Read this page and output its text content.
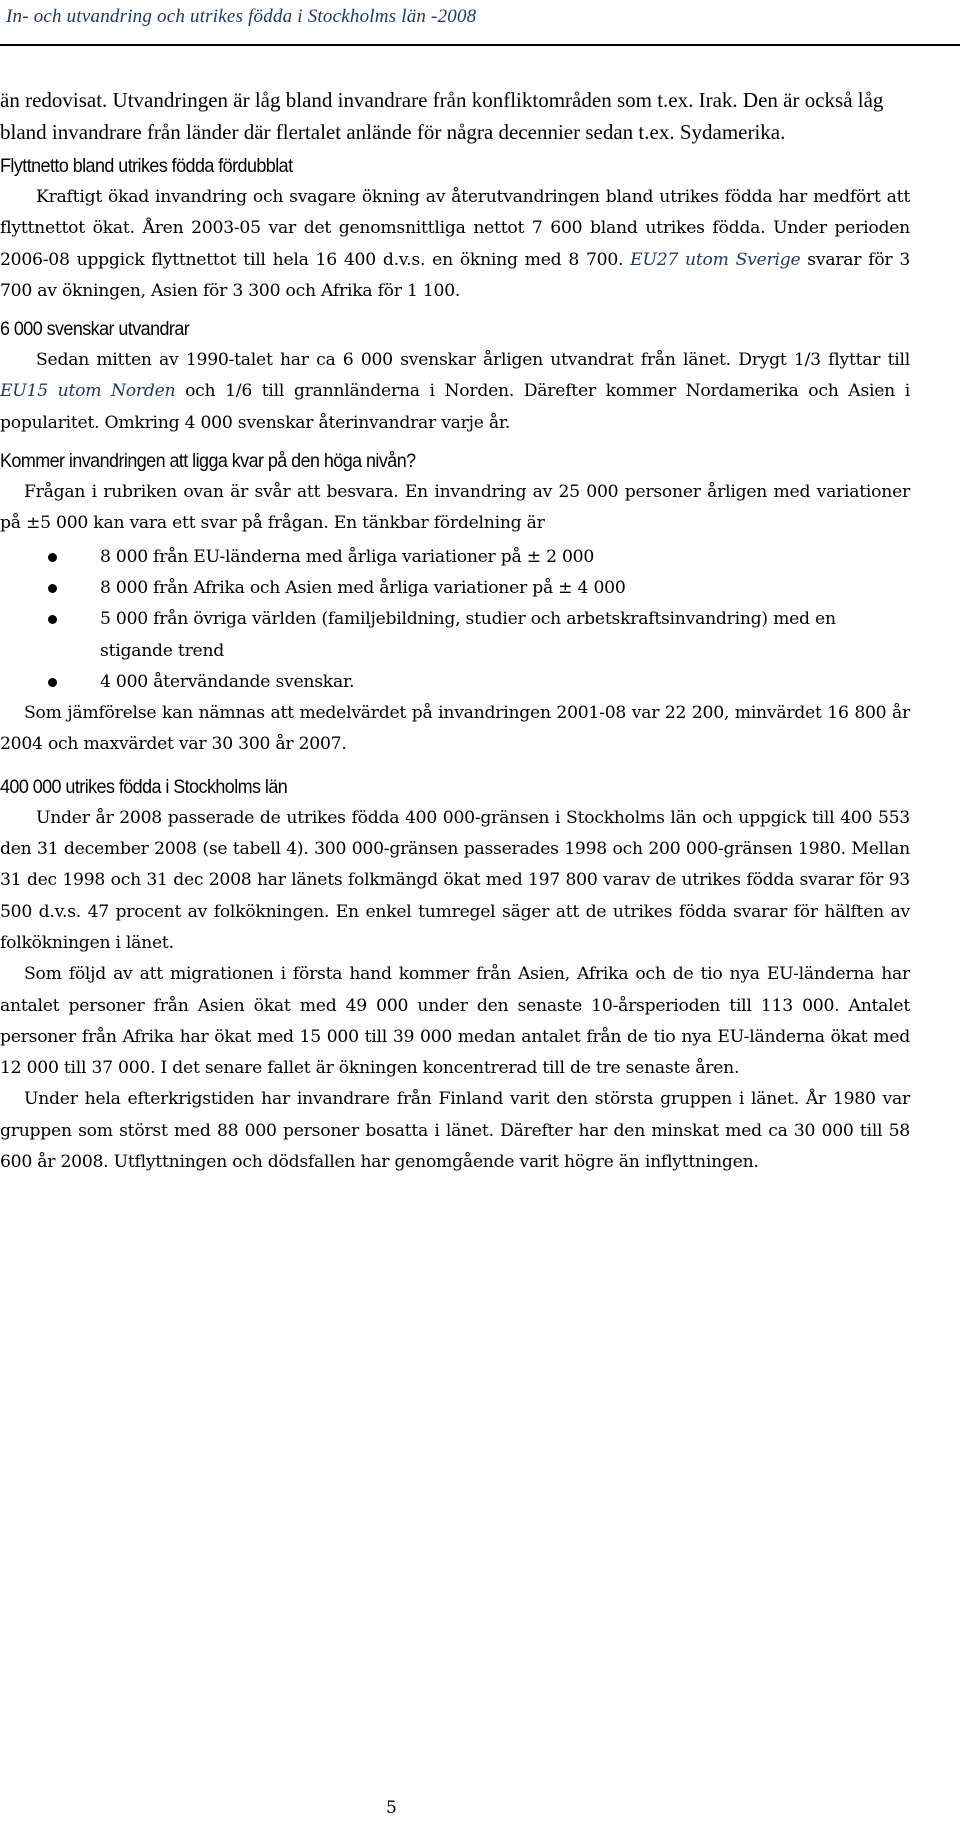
In- och utvandring och utrikes födda i Stockholms län -2008

än redovisat. Utvandringen är låg bland invandrare från konfliktområden som t.ex. Irak. Den är också låg bland invandrare från länder där flertalet anlände för några decennier sedan t.ex. Sydamerika.

Flyttnetto bland utrikes födda fördubblat

Kraftigt ökad invandring och svagare ökning av återutvandringen bland utrikes födda har medfört att flyttnettot ökat. Åren 2003-05 var det genomsnittliga nettot 7 600 bland utrikes födda. Under perioden 2006-08 uppgick flyttnettot till hela 16 400 d.v.s. en ökning med 8 700. EU27 utom Sverige svarar för 3 700 av ökningen, Asien för 3 300 och Afrika för 1 100.

6 000 svenskar utvandrar

Sedan mitten av 1990-talet har ca 6 000 svenskar årligen utvandrat från länet. Drygt 1/3 flyttar till EU15 utom Norden och 1/6 till grannländerna i Norden. Därefter kommer Nordamerika och Asien i popularitet. Omkring 4 000 svenskar återinvandrar varje år.

Kommer invandringen att ligga kvar på den höga nivån?

Frågan i rubriken ovan är svår att besvara. En invandring av 25 000 personer årligen med variationer på ±5 000 kan vara ett svar på frågan. En tänkbar fördelning är

8 000 från EU-länderna med årliga variationer på ± 2 000
8 000 från Afrika och Asien med årliga variationer på ± 4 000
5 000 från övriga världen (familjebildning, studier och arbetskraftsinvandring) med en stigande trend
4 000 återvändande svenskar.

Som jämförelse kan nämnas att medelvärdet på invandringen 2001-08 var 22 200, minvärdet 16 800 år 2004 och maxvärdet var 30 300 år 2007.

400 000 utrikes födda i Stockholms län

Under år 2008 passerade de utrikes födda 400 000-gränsen i Stockholms län och uppgick till 400 553 den 31 december 2008 (se tabell 4). 300 000-gränsen passerades 1998 och 200 000-gränsen 1980. Mellan 31 dec 1998 och 31 dec 2008 har länets folkmängd ökat med 197 800 varav de utrikes födda svarar för 93 500 d.v.s. 47 procent av folkökningen. En enkel tumregel säger att de utrikes födda svarar för hälften av folkökningen i länet.

Som följd av att migrationen i första hand kommer från Asien, Afrika och de tio nya EU-länderna har antalet personer från Asien ökat med 49 000 under den senaste 10-årsperioden till 113 000. Antalet personer från Afrika har ökat med 15 000 till 39 000 medan antalet från de tio nya EU-länderna ökat med 12 000 till 37 000. I det senare fallet är ökningen koncentrerad till de tre senaste åren.

Under hela efterkrigstiden har invandrare från Finland varit den största gruppen i länet. År 1980 var gruppen som störst med 88 000 personer bosatta i länet. Därefter har den minskat med ca 30 000 till 58 600 år 2008. Utflyttningen och dödsfallen har genomgående varit högre än inflyttningen.

5
